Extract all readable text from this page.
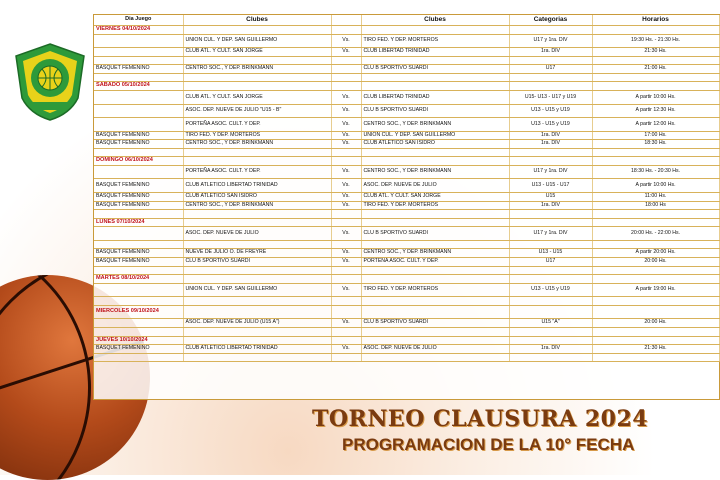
Dia Juego	Clubes		Clubes	Categorias	Horarios
VIERNES 04/10/2024					
	UNION CUL. Y DEP. SAN GUILLERMO	Vs.	TIRO FED. Y DEP. MORTEROS	U17 y 1ra. DIV	19:30 Hs. - 21:30 Hs.
	CLUB ATL. Y CULT. SAN JORGE	Vs.	CLUB LIBERTAD TRINIDAD	1ra. DIV	21:30 Hs.

BASQUET FEMENINO	CENTRO SOC., Y DEP. BRINKMANN		CLU B SPORTIVO SUARDI	U17	21:00 Hs.

SABADO 05/10/2024					
	CLUB ATL. Y CULT. SAN JORGE	Vs.	CLUB LIBERTAD TRINIDAD	U15- U13 - U17 y U19	A partir 10:00 Hs.
	ASOC. DEP. NUEVE DE JULIO "U15 - B"	Vs.	CLU B SPORTIVO SUARDI	U13 - U15 y U19	A partir 12:30 Hs.
	PORTEÑA ASOC. CULT. Y DEP.	Vs.	CENTRO SOC., Y DEP. BRINKMANN	U13 - U15 y U19	A partir 12:00 Hs.
BASQUET FEMENINO	TIRO FED. Y DEP. MORTEROS	Vs.	UNION CUL. Y DEP. SAN GUILLERMO	1ra. DIV	17:00 Hs.
BASQUET FEMENINO	CENTRO SOC., Y DEP. BRINKMANN	Vs.	CLUB ATLETICO SAN ISIDRO	1ra. DIV	18:30 Hs.

DOMINGO 06/10/2024					
	PORTEÑA ASOC. CULT. Y DEP.	Vs.	CENTRO SOC., Y DEP. BRINKMANN	U17 y 1ra. DIV	18:30 Hs. - 20:30 Hs.
BASQUET FEMENINO	CLUB ATLETICO LIBERTAD TRINIDAD	Vs.	ASOC. DEP. NUEVE DE JULIO	U13 - U15 - U17	A partir 10:00 Hs.
BASQUET FEMENINO	CLUB ATLETICO SAN ISIDRO	Vs.	CLUB ATL. Y CULT. SAN JORGE	U15	11:00 Hs.
BASQUET FEMENINO	CENTRO SOC., Y DEP. BRINKMANN	Vs.	TIRO FED. Y DEP. MORTEROS	1ra. DIV	18:00 Hs

LUNES 07/10/2024					
	ASOC. DEP. NUEVE DE JULIO	Vs.	CLU B SPORTIVO SUARDI	U17 y 1ra. DIV	20:00 Hs. - 22:00 Hs.

BASQUET FEMENINO	NUEVE DE JULIO O. DE FREYRE	Vs.	CENTRO SOC., Y DEP. BRINKMANN	U13 - U15	A partir 20:00 Hs.
BASQUET FEMENINO	CLU B SPORTIVO SUARDI	Vs.	PORTEÑA ASOC. CULT. Y DEP.	U17	20:00 Hs.

MARTES 08/10/2024					
	UNION CUL. Y DEP. SAN GUILLERMO	Vs.	TIRO FED. Y DEP. MORTEROS	U13 - U15 y U19	A partir 19:00 Hs.

MIERCOLES 09/10/2024					
	ASOC. DEP. NUEVE DE JULIO (U15 A")	Vs.	CLU B SPORTIVO SUARDI	U15 "A"	20:00 Hs.

JUEVES 10/10/2024					
BASQUET FEMENINO	CLUB ATLETICO LIBERTAD TRINIDAD	Vs.	ASOC. DEP. NUEVE DE JULIO	1ra. DIV	21:30 Hs.

TORNEO CLAUSURA 2024
PROGRAMACION DE LA 10° FECHA
